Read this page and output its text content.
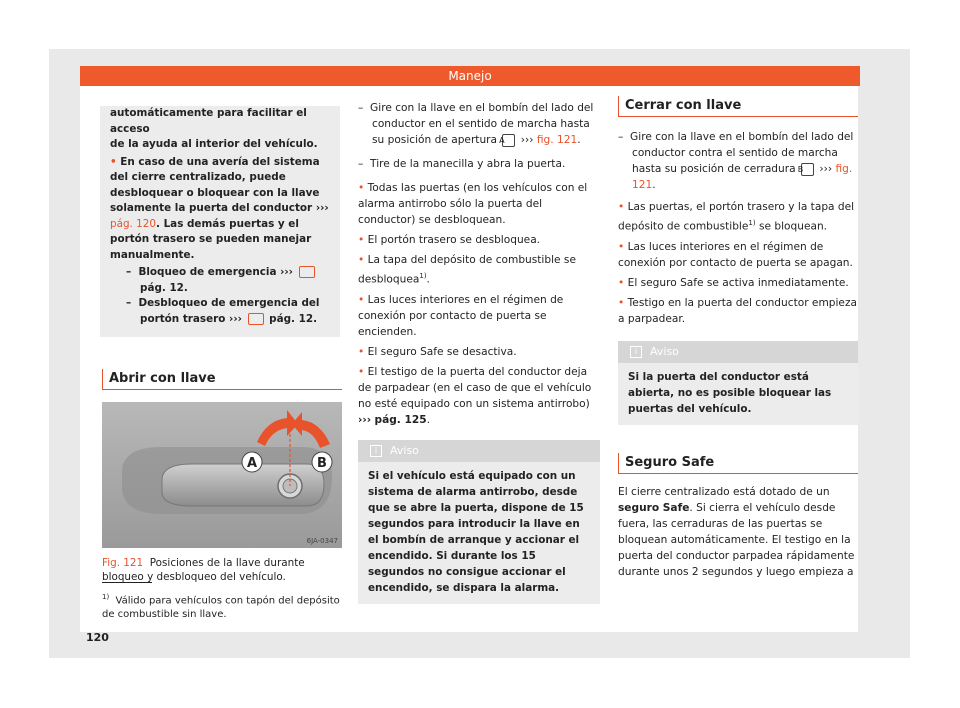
Manejo

automáticamente para facilitar el acceso
de la ayuda al interior del vehículo.

• En caso de una avería del sistema del cierre centralizado, puede desbloquear o bloquear con la llave solamente la puerta del conductor ››› pág. 120. Las demás puertas y el portón trasero se pueden manejar manualmente.

–  Bloqueo de emergencia ›››  pág. 12.

–  Desbloqueo de emergencia del portón trasero ›››	pág. 12.

Abrir con llave
A	B
6JA-0347

Fig. 121 Posiciones de la llave durante bloqueo y desbloqueo del vehículo.

$^{1)}$ Válido para vehículos con tapón del depósito de combustible sin llave.

–  Gire con la llave en el bombín del lado del conductor en el sentido de marcha hasta su posición de apertura A ››› fig. 121.

–  Tire de la manecilla y abra la puerta.

• Todas las puertas (en los vehículos con el alarma antirrobo sólo la puerta del conductor) se desbloquean.

• El portón trasero se desbloquea.

• La tapa del depósito de combustible se desbloquea$^{1)}$.

• Las luces interiores en el régimen de conexión por contacto de puerta se encienden.

• El seguro Safe se desactiva.

• El testigo de la puerta del conductor deja de parpadear (en el caso de que el vehículo no esté equipado con un sistema antirrobo) ››› pág. 125.

i Aviso
Si el vehículo está equipado con un sistema de alarma antirrobo, desde que se abre la puerta, dispone de 15 segundos para introducir la llave en el bombín de arranque y accionar el encendido. Si durante los 15 segundos no consigue accionar el encendido, se dispara la alarma.
Cerrar con llave

–  Gire con la llave en el bombín del lado del conductor contra el sentido de marcha hasta su posición de cerradura B ››› fig. 121.

• Las puertas, el portón trasero y la tapa del depósito de combustible$^{1)}$ se bloquean.

• Las luces interiores en el régimen de conexión por contacto de puerta se apagan.

• El seguro Safe se activa inmediatamente.

• Testigo en la puerta del conductor empieza a parpadear.

i Aviso
Si la puerta del conductor está abierta, no es posible bloquear las puertas del vehículo.
Seguro Safe

El cierre centralizado está dotado de un seguro Safe. Si cierra el vehículo desde fuera, las cerraduras de las puertas se bloquean automáticamente. El testigo en la puerta del conductor parpadea rápidamente durante unos 2 segundos y luego empieza a

120
